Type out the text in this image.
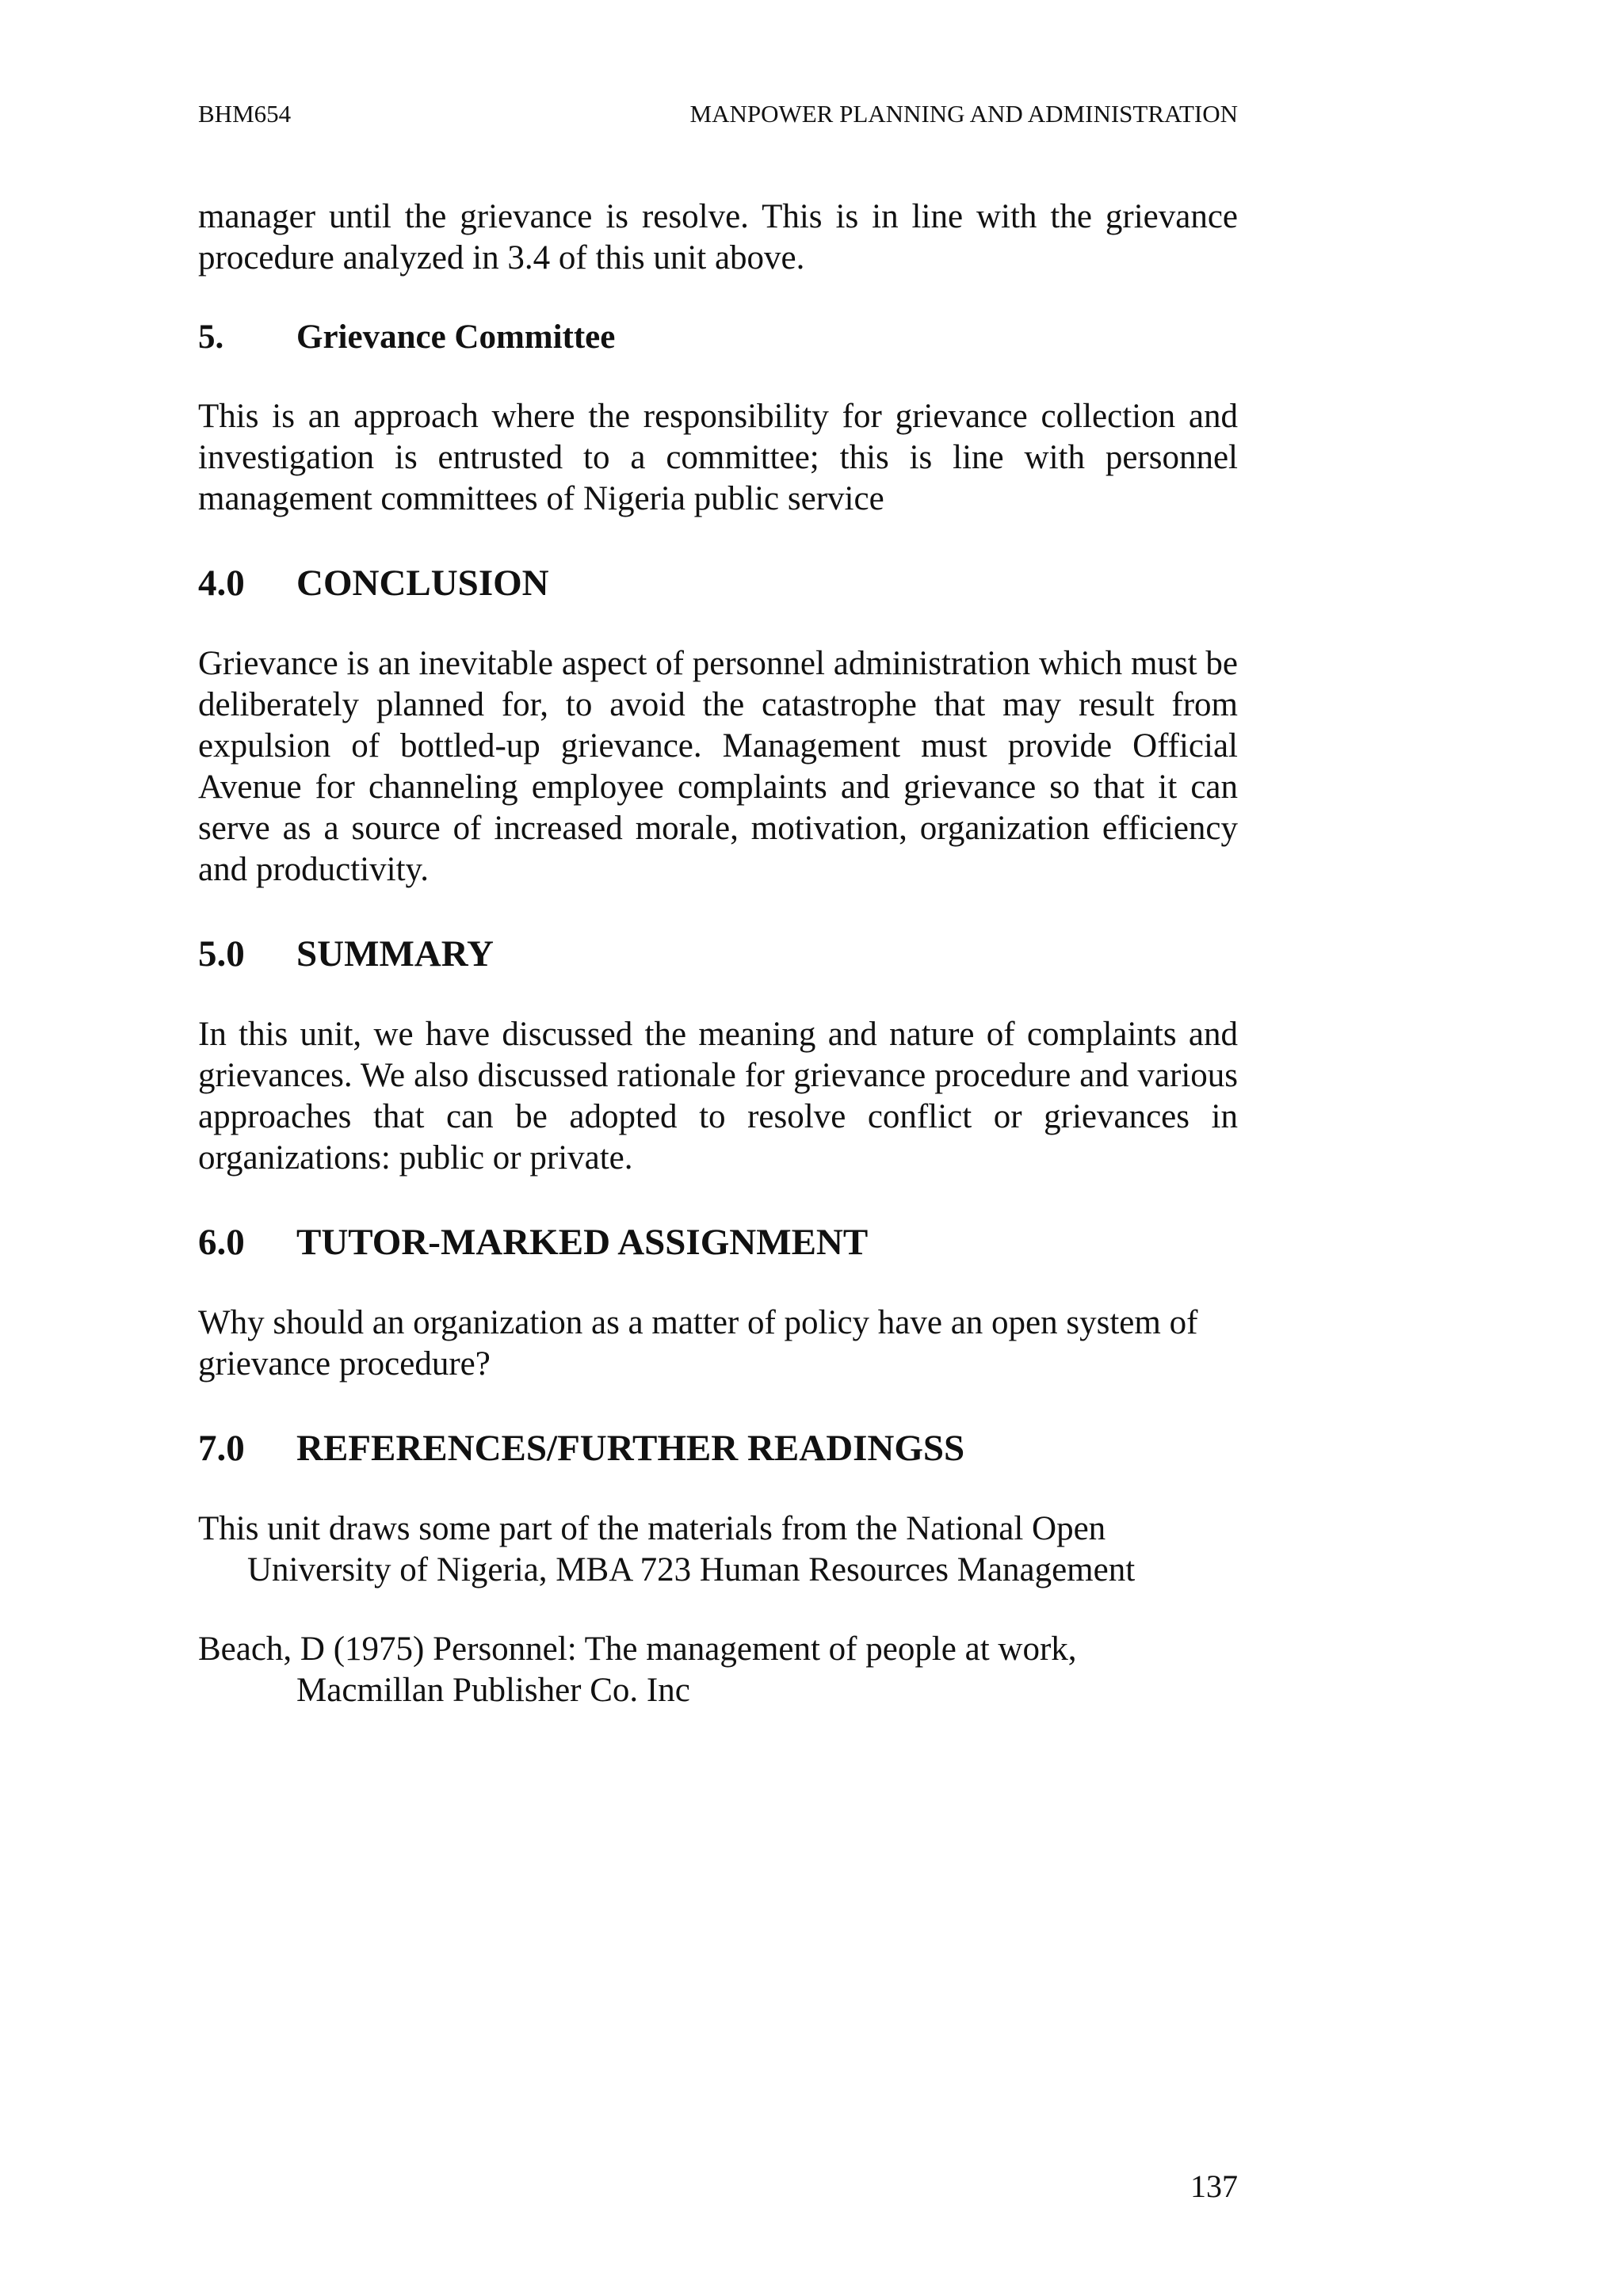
BHM654	MANPOWER PLANNING AND ADMINISTRATION

manager until the grievance is resolve. This is in line with the grievance procedure analyzed in 3.4 of this unit above.

5. Grievance Committee

This is an approach where the responsibility for grievance collection and investigation is entrusted to a committee; this is line with personnel management committees of Nigeria public service

4.0 CONCLUSION

Grievance is an inevitable aspect of personnel administration which must be deliberately planned for, to avoid the catastrophe that may result from expulsion of bottled-up grievance. Management must provide Official Avenue for channeling employee complaints and grievance so that it can serve as a source of increased morale, motivation, organization efficiency and productivity.

5.0 SUMMARY

In this unit, we have discussed the meaning and nature of complaints and grievances. We also discussed rationale for grievance procedure and various approaches that can be adopted to resolve conflict or grievances in organizations: public or private.

6.0 TUTOR-MARKED ASSIGNMENT

Why should an organization as a matter of policy have an open system of grievance procedure?

7.0 REFERENCES/FURTHER READINGSS

This unit draws some part of the materials from the National Open
University of Nigeria, MBA 723 Human Resources Management

Beach, D (1975) Personnel: The management of people at work,
Macmillan Publisher Co. Inc

137
